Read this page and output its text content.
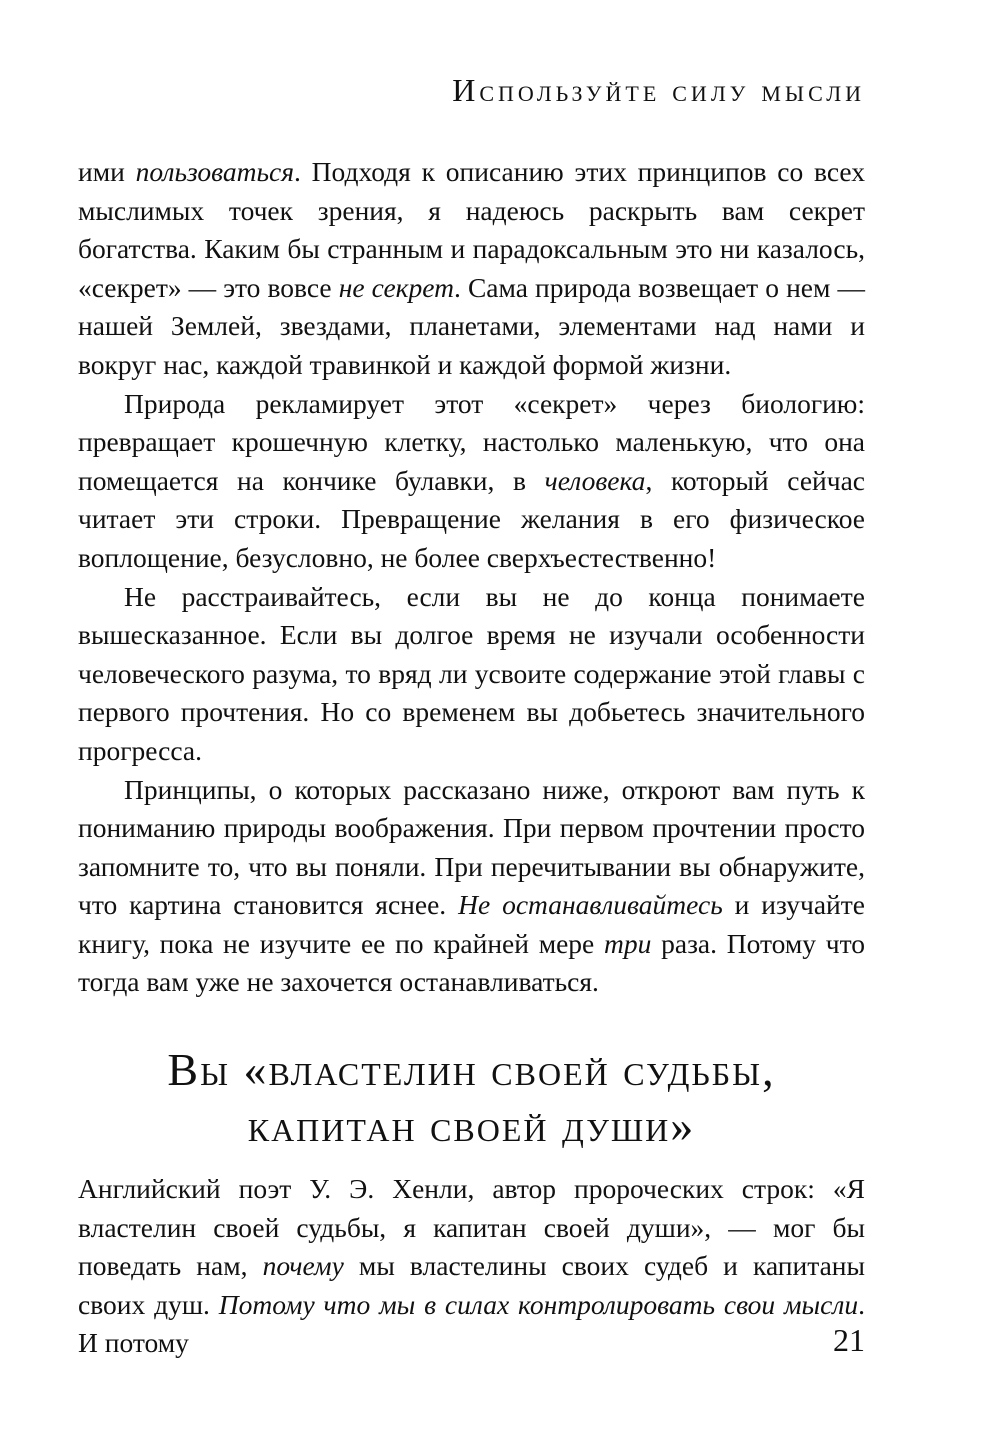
Используйте силу мысли

ими пользоваться. Подходя к описанию этих принципов со всех мыслимых точек зрения, я надеюсь раскрыть вам секрет богатства. Каким бы странным и парадоксальным это ни казалось, «секрет» — это вовсе не секрет. Сама природа возвещает о нем — нашей Землей, звездами, планетами, элементами над нами и вокруг нас, каждой травинкой и каждой формой жизни.

Природа рекламирует этот «секрет» через биологию: превращает крошечную клетку, настолько маленькую, что она помещается на кончике булавки, в человека, который сейчас читает эти строки. Превращение желания в его физическое воплощение, безусловно, не более сверхъестественно!

Не расстраивайтесь, если вы не до конца понимаете вышесказанное. Если вы долгое время не изучали особенности человеческого разума, то вряд ли усвоите содержание этой главы с первого прочтения. Но со временем вы добьетесь значительного прогресса.

Принципы, о которых рассказано ниже, откроют вам путь к пониманию природы воображения. При первом прочтении просто запомните то, что вы поняли. При перечитывании вы обнаружите, что картина становится яснее. Не останавливайтесь и изучайте книгу, пока не изучите ее по крайней мере три раза. Потому что тогда вам уже не захочется останавливаться.

Вы «властелин своей судьбы,
капитан своей души»

Английский поэт У. Э. Хенли, автор пророческих строк: «Я властелин своей судьбы, я капитан своей души», — мог бы поведать нам, почему мы властелины своих судеб и капитаны своих душ. Потому что мы в силах контролировать свои мысли. И потому	21
